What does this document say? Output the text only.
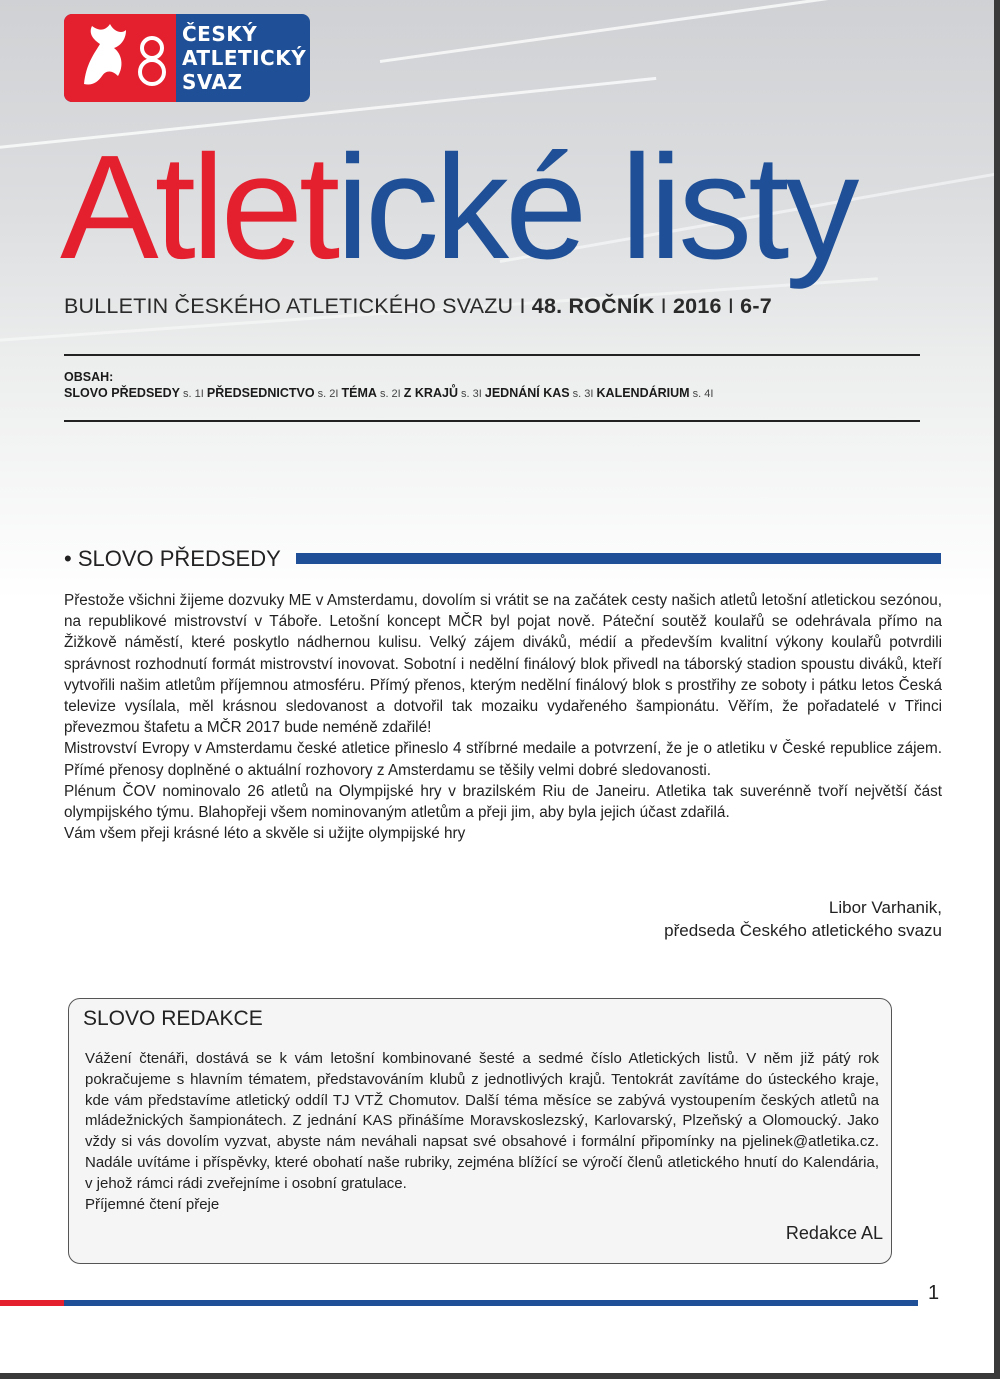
ČESKÝ
ATLETICKÝ
SVAZ
Atletické listy
BULLETIN ČESKÉHO ATLETICKÉHO SVAZU I 48. ROČNÍK I 2016 I 6-7
OBSAH:
SLOVO PŘEDSEDY s. 1I PŘEDSEDNICTVO s. 2I TÉMA s. 2I Z KRAJŮ s. 3I JEDNÁNÍ KAS s. 3I KALENDÁRIUM s. 4I
• SLOVO PŘEDSEDY

Přestože všichni žijeme dozvuky ME v Amsterdamu, dovolím si vrátit se na začátek cesty našich atletů letošní atletickou sezónou, na republikové mistrovství v Táboře. Letošní koncept MČR byl pojat nově. Páteční soutěž koulařů se odehrávala přímo na Žižkově náměstí, které poskytlo nádhernou kulisu. Velký zájem diváků, médií a především kvalitní výkony koulařů potvrdili správnost rozhodnutí formát mistrovství inovovat. Sobotní i nedělní finálový blok přivedl na táborský stadion spoustu diváků, kteří vytvořili našim atletům příjemnou atmosféru. Přímý přenos, kterým nedělní finálový blok s prostřihy ze soboty i pátku letos Česká televize vysílala, měl krásnou sledovanost a dotvořil tak mozaiku vydařeného šampionátu. Věřím, že pořadatelé v Třinci převezmou štafetu a MČR 2017 bude neméně zdařilé!

Mistrovství Evropy v Amsterdamu české atletice přineslo 4 stříbrné medaile a potvrzení, že je o atletiku v České republice zájem. Přímé přenosy doplněné o aktuální rozhovory z Amsterdamu se těšily velmi dobré sledovanosti.

Plénum ČOV nominovalo 26 atletů na Olympijské hry v brazilském Riu de Janeiru. Atletika tak suverénně tvoří největší část olympijského týmu. Blahopřeji všem nominovaným atletům a přeji jim, aby byla jejich účast zdařilá.

Vám všem přeji krásné léto a skvěle si užijte olympijské hry

Libor Varhanik,
předseda Českého atletického svazu
SLOVO REDAKCE

Vážení čtenáři, dostává se k vám letošní kombinované šesté a sedmé číslo Atletických listů. V něm již pátý rok pokračujeme s hlavním tématem, představováním klubů z jednotlivých krajů. Tentokrát zavítáme do ústeckého kraje, kde vám představíme atletický oddíl TJ VTŽ Chomutov. Další téma měsíce se zabývá vystoupením českých atletů na mládežnických šampionátech. Z jednání KAS přinášíme Moravskoslezský, Karlovarský, Plzeňský a Olomoucký. Jako vždy si vás dovolím vyzvat, abyste nám neváhali napsat své obsahové i formální připomínky na pjelinek@atletika.cz. Nadále uvítáme i příspěvky, které obohatí naše rubriky, zejména blížící se výročí členů atletického hnutí do Kalendária, v jehož rámci rádi zveřejníme i osobní gratulace.

Příjemné čtení přeje

Redakce AL
1
